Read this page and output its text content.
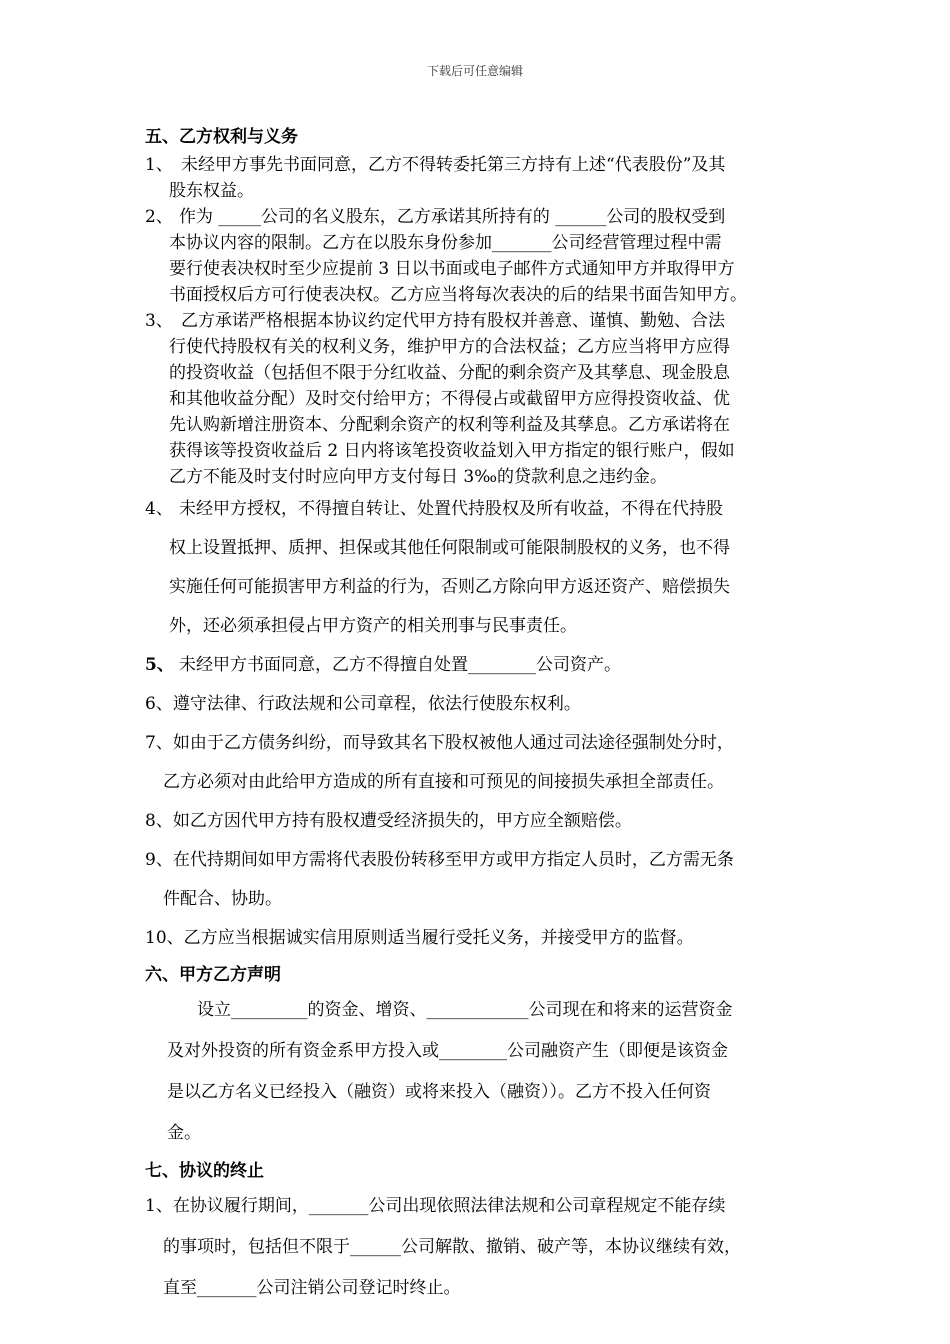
下载后可任意编辑
五、乙方权利与义务
1、 未经甲方事先书面同意，乙方不得转委托第三方持有上述“代表股份”及其
股东权益。
2、 作为 _____公司的名义股东，乙方承诺其所持有的 ______公司的股权受到
本协议内容的限制。乙方在以股东身份参加_______公司经营管理过程中需
要行使表决权时至少应提前 3 日以书面或电子邮件方式通知甲方并取得甲方
书面授权后方可行使表决权。乙方应当将每次表决的后的结果书面告知甲方。
3、 乙方承诺严格根据本协议约定代甲方持有股权并善意、谨慎、勤勉、合法
行使代持股权有关的权利义务，维护甲方的合法权益；乙方应当将甲方应得
的投资收益（包括但不限于分红收益、分配的剩余资产及其孳息、现金股息
和其他收益分配）及时交付给甲方；不得侵占或截留甲方应得投资收益、优
先认购新增注册资本、分配剩余资产的权利等利益及其孳息。乙方承诺将在
获得该等投资收益后 2 日内将该笔投资收益划入甲方指定的银行账户，假如
乙方不能及时支付时应向甲方支付每日 3‰的贷款利息之违约金。
4、 未经甲方授权，不得擅自转让、处置代持股权及所有收益，不得在代持股
权上设置抵押、质押、担保或其他任何限制或可能限制股权的义务，也不得
实施任何可能损害甲方利益的行为，否则乙方除向甲方返还资产、赔偿损失
外，还必须承担侵占甲方资产的相关刑事与民事责任。
5、 未经甲方书面同意，乙方不得擅自处置________公司资产。
6、遵守法律、行政法规和公司章程，依法行使股东权利。
7、如由于乙方债务纠纷，而导致其名下股权被他人通过司法途径强制处分时，
乙方必须对由此给甲方造成的所有直接和可预见的间接损失承担全部责任。
8、如乙方因代甲方持有股权遭受经济损失的，甲方应全额赔偿。
9、在代持期间如甲方需将代表股份转移至甲方或甲方指定人员时，乙方需无条
件配合、协助。
10、乙方应当根据诚实信用原则适当履行受托义务，并接受甲方的监督。
六、甲方乙方声明
设立_________的资金、增资、____________公司现在和将来的运营资金
及对外投资的所有资金系甲方投入或________公司融资产生（即便是该资金
是以乙方名义已经投入（融资）或将来投入（融资））。乙方不投入任何资
金。
七、协议的终止
1、在协议履行期间，_______公司出现依照法律法规和公司章程规定不能存续
的事项时，包括但不限于______公司解散、撤销、破产等，本协议继续有效，
直至_______公司注销公司登记时终止。
